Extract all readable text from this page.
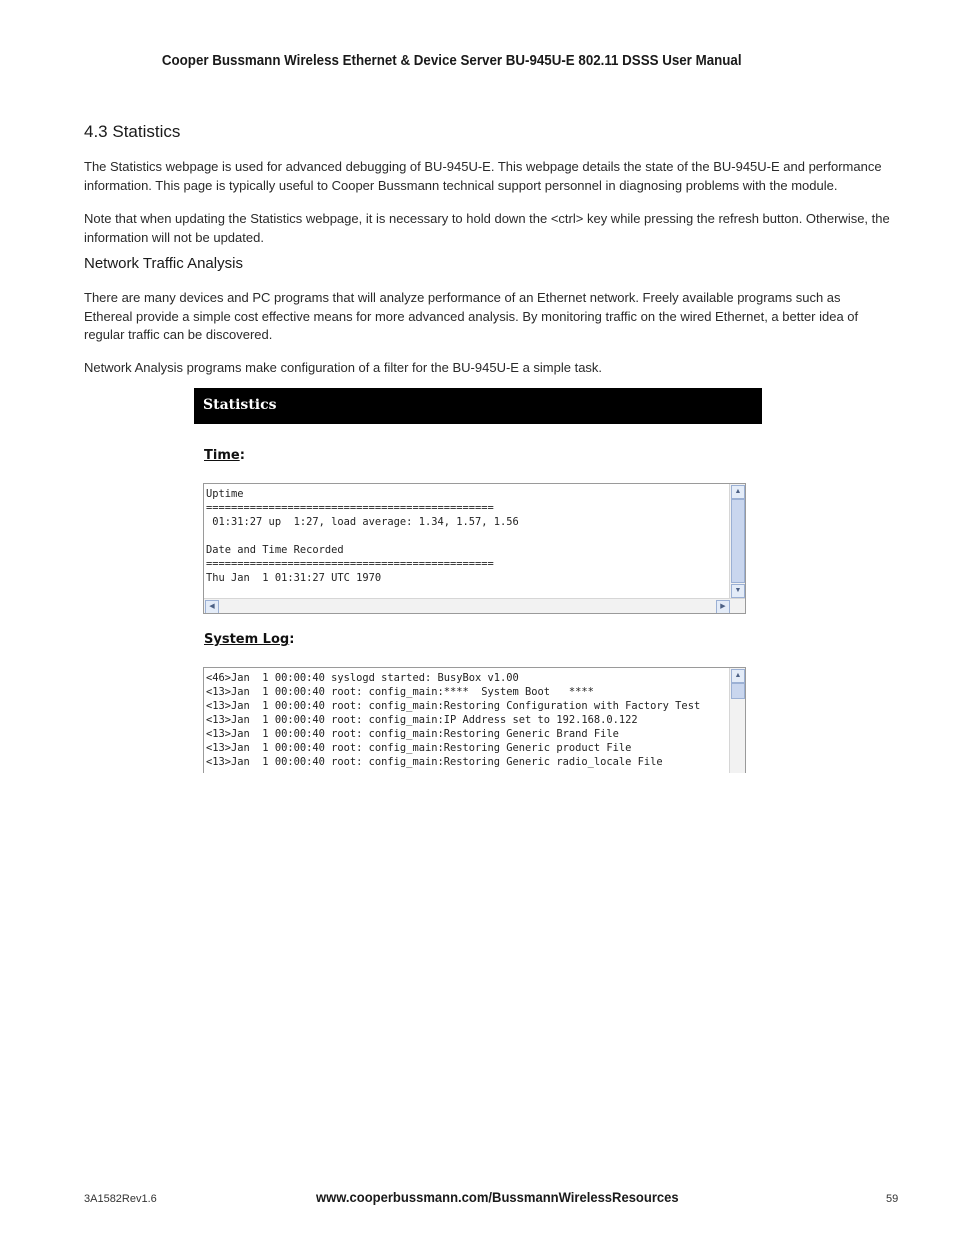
Cooper Bussmann Wireless Ethernet & Device Server BU-945U-E 802.11 DSSS User Manual
4.3 Statistics
The Statistics webpage is used for advanced debugging of BU-945U-E. This webpage details the state of the BU-945U-E and performance information. This page is typically useful to Cooper Bussmann technical support personnel in diagnosing problems with the module.
Note that when updating the Statistics webpage, it is necessary to hold down the <ctrl> key while pressing the refresh button. Otherwise, the information will not be updated.
Network Traffic Analysis
There are many devices and PC programs that will analyze performance of an Ethernet network. Freely available programs such as Ethereal provide a simple cost effective means for more advanced analysis. By monitoring traffic on the wired Ethernet, a better idea of regular traffic can be discovered.
Network Analysis programs make configuration of a filter for the BU-945U-E a simple task.
Statistics
Time:
Uptime
==============================================
01:31:27 up  1:27, load average: 1.34, 1.57, 1.56

Date and Time Recorded
==============================================
Thu Jan  1 01:31:27 UTC 1970
▲
▼
◀	▶
System Log:
<46>Jan  1 00:00:40 syslogd started: BusyBox v1.00
<13>Jan  1 00:00:40 root: config_main:****  System Boot   ****
<13>Jan  1 00:00:40 root: config_main:Restoring Configuration with Factory Test
<13>Jan  1 00:00:40 root: config_main:IP Address set to 192.168.0.122
<13>Jan  1 00:00:40 root: config_main:Restoring Generic Brand File
<13>Jan  1 00:00:40 root: config_main:Restoring Generic product File
<13>Jan  1 00:00:40 root: config_main:Restoring Generic radio_locale File
▲
3A1582Rev1.6	www.cooperbussmann.com/BussmannWirelessResources	59
